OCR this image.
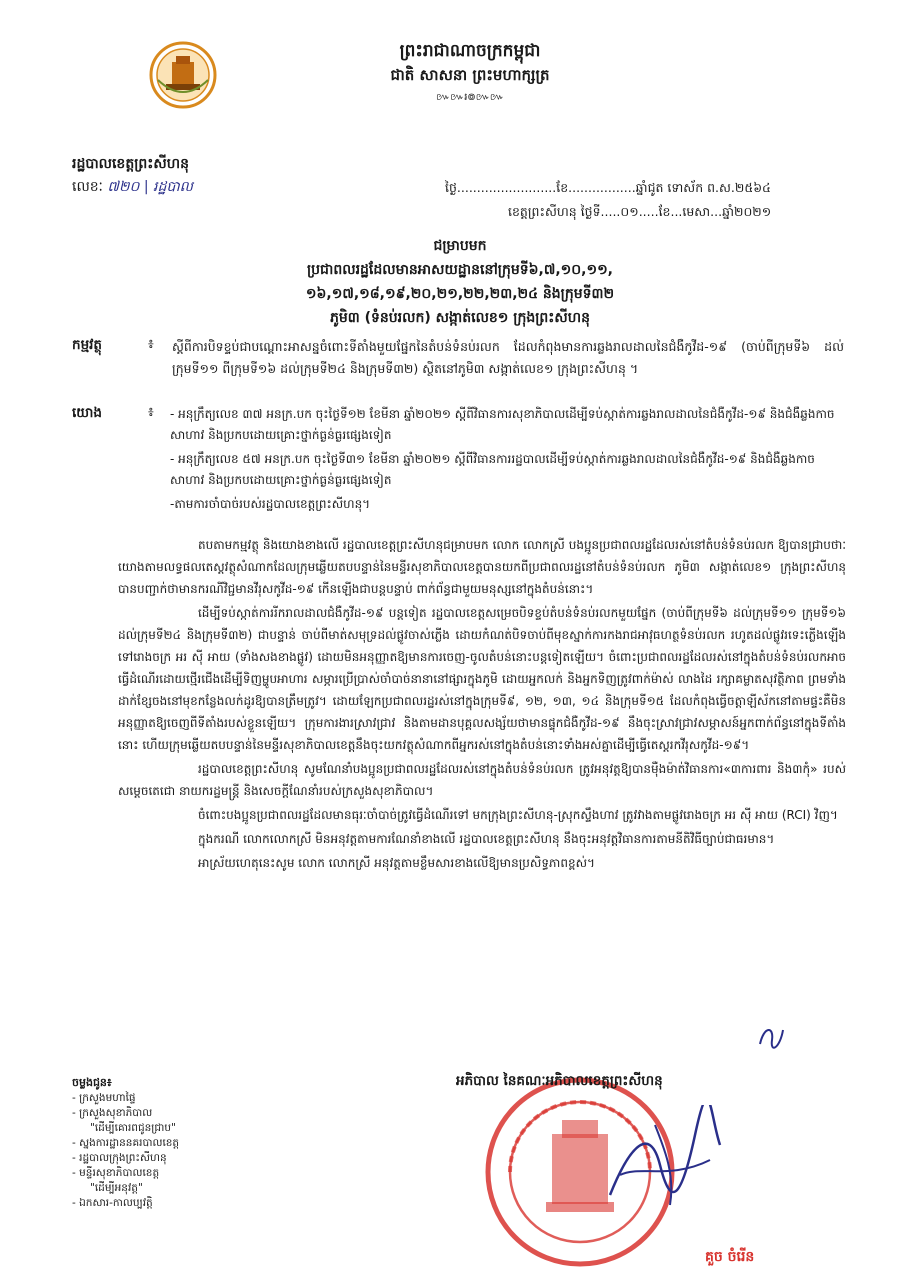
ព្រះរាជាណាចក្រកម្ពុជា
ជាតិ សាសនា ព្រះមហាក្សត្រ
៚៚៛៙៚៚
រដ្ឋបាលខេត្តព្រះសីហនុ
លេខៈ ៧២០ | រដ្ឋបាល	ថ្ងៃ.........................ខែ.................ឆ្នាំជូត ទោស័ក ព.ស.២៥៦៤
ខេត្តព្រះសីហនុ ថ្ងៃទី.....០១.....ខែ...មេសា...ឆ្នាំ២០២១
ជម្រាបមក
ប្រជាពលរដ្ឋដែលមានអាសយដ្ឋាននៅក្រុមទី៦,៧,១០,១១,
១៦,១៧,១៨,១៩,២០,២១,២២,២៣,២៤ និងក្រុមទី៣២
ភូមិ៣ (ទំនប់រលក) សង្កាត់លេខ១ ក្រុងព្រះសីហនុ
កម្មវត្ថុ	៖	ស្តីពីការបិទខ្ទប់ជាបណ្តោះអាសន្នចំពោះទីតាំងមួយផ្នែកនៃតំបន់ទំនប់រលក ដែលកំពុងមានការឆ្លងរាលដាលនៃជំងឺកូវីដ-១៩ (ចាប់ពីក្រុមទី៦ ដល់ក្រុមទី១១ ពីក្រុមទី១៦ ដល់ក្រុមទី២៤ និងក្រុមទី៣២) ស្ថិតនៅភូមិ៣ សង្កាត់លេខ១ ក្រុងព្រះសីហនុ ។
យោង	៖	- អនុក្រឹត្យលេខ ៣៧ អនក្រ.បក ចុះថ្ងៃទី១២ ខែមីនា ឆ្នាំ២០២១ ស្តីពីវិធានការសុខាភិបាលដើម្បីទប់ស្កាត់ការឆ្លងរាលដាលនៃជំងឺកូវីដ-១៩ និងជំងឺឆ្លងកាចសាហាវ និងប្រកបដោយគ្រោះថ្នាក់ធ្ងន់ធ្ងរផ្សេងទៀត
- អនុក្រឹត្យលេខ ៥៧ អនក្រ.បក ចុះថ្ងៃទី៣១ ខែមីនា ឆ្នាំ២០២១ ស្តីពីវិធានការរដ្ឋបាលដើម្បីទប់ស្កាត់ការឆ្លងរាលដាលនៃជំងឺកូវីដ-១៩ និងជំងឺឆ្លងកាចសាហាវ និងប្រកបដោយគ្រោះថ្នាក់ធ្ងន់ធ្ងរផ្សេងទៀត
-តាមការចាំបាច់របស់រដ្ឋបាលខេត្តព្រះសីហនុ។

តបតាមកម្មវត្ថុ និងយោងខាងលើ រដ្ឋបាលខេត្តព្រះសីហនុជម្រាបមក លោក លោកស្រី បងប្អូនប្រជាពលរដ្ឋដែលរស់នៅតំបន់ទំនប់រលក ឱ្យបានជ្រាបថាៈ យោងតាមលទ្ធផលតេស្តវត្ថុសំណាកដែលក្រុមឆ្លើយតបបន្ទាន់នៃមន្ទីរសុខាភិបាលខេត្តបានយកពីប្រជាពលរដ្ឋនៅតំបន់ទំនប់រលក ភូមិ៣ សង្កាត់លេខ១ ក្រុងព្រះសីហនុ បានបញ្ជាក់ថាមានករណីវិជ្ជមានវីរុសកូវីដ-១៩ កើនឡើងជាបន្តបន្ទាប់ ពាក់ព័ន្ធជាមួយមនុស្សនៅក្នុងតំបន់នោះ។

ដើម្បីទប់ស្កាត់ការរីករាលដាលជំងឺកូវីដ-១៩ បន្តទៀត រដ្ឋបាលខេត្តសម្រេចបិទខ្ទប់តំបន់ទំនប់រលកមួយផ្នែក (ចាប់ពីក្រុមទី៦ ដល់ក្រុមទី១១ ក្រុមទី១៦ ដល់ក្រុមទី២៤ និងក្រុមទី៣២) ជាបន្ទាន់ ចាប់ពីមាត់សមុទ្រដល់ផ្លូវចាស់ភ្លើង ដោយកំណត់បិទចាប់ពីមុខស្នាក់ការកងរាជអាវុធហត្ថទំនប់រលក រហូតដល់ផ្លូវរទេះភ្លើងឡើងទៅរោងចក្រ អរ ស៊ី អាយ (ទាំងសងខាងផ្លូវ) ដោយមិនអនុញ្ញាតឱ្យមានការចេញ-ចូលតំបន់នោះបន្តទៀតឡើយ។ ចំពោះប្រជាពលរដ្ឋដែលរស់នៅក្នុងតំបន់ទំនប់រលកអាចធ្វើដំណើរដោយថ្មើរជើងដើម្បីទិញម្ហូបអាហារ សម្ភារប្រើប្រាស់ចាំបាច់នានានៅផ្សារក្នុងភូមិ ដោយអ្នកលក់ និងអ្នកទិញត្រូវពាក់ម៉ាស់ លាងដៃ រក្សាគម្លាតសុវត្ថិភាព ព្រមទាំងដាក់ខ្សែចងនៅមុខកន្លែងលក់ដូរឱ្យបានត្រឹមត្រូវ។ ដោយឡែកប្រជាពលរដ្ឋរស់នៅក្នុងក្រុមទី៩, ១២, ១៣, ១៤ និងក្រុមទី១៥ ដែលកំពុងធ្វើចត្តាឡីស័កនៅតាមផ្ទះគឺមិនអនុញ្ញាតឱ្យចេញពីទីតាំងរបស់ខ្លួនឡើយ។ ក្រុមការងារស្រាវជ្រាវ និងតាមដានបុគ្គលសង្ស័យថាមានផ្ទុកជំងឺកូវីដ-១៩ នឹងចុះស្រាវជ្រាវសម្ភាសន៍អ្នកពាក់ព័ន្ធនៅក្នុងទីតាំងនោះ ហើយក្រុមឆ្លើយតបបន្ទាន់នៃមន្ទីរសុខាភិបាលខេត្តនឹងចុះយកវត្ថុសំណាកពីអ្នករស់នៅក្នុងតំបន់នោះទាំងអស់គ្នាដើម្បីធ្វើតេស្តរកវីរុសកូវីដ-១៩។

រដ្ឋបាលខេត្តព្រះសីហនុ សូមណែនាំបងប្អូនប្រជាពលរដ្ឋដែលរស់នៅក្នុងតំបន់ទំនប់រលក ត្រូវអនុវត្តឱ្យបានម៉ឺងម៉ាត់វិធានការ«៣ការពារ និង៣កុំ» របស់សម្តេចតេជោ នាយករដ្ឋមន្ត្រី និងសេចក្តីណែនាំរបស់ក្រសួងសុខាភិបាល។

ចំពោះបងប្អូនប្រជាពលរដ្ឋដែលមានធុរៈចាំបាច់ត្រូវធ្វើដំណើរទៅ មកក្រុងព្រះសីហនុ-ស្រុកស្ទឹងហាវ ត្រូវវាងតាមផ្លូវរោងចក្រ អរ ស៊ី អាយ (RCI) វិញ។

ក្នុងករណី លោកលោកស្រី មិនអនុវត្តតាមការណែនាំខាងលើ រដ្ឋបាលខេត្តព្រះសីហនុ នឹងចុះអនុវត្តវិធានការតាមនីតិវិធីច្បាប់ជាធរមាន។

អាស្រ័យហេតុនេះសូម លោក លោកស្រី អនុវត្តតាមខ្លឹមសារខាងលើឱ្យមានប្រសិទ្ធភាពខ្ពស់។

ចម្លងជូន៖
- ក្រសួងមហាផ្ទៃ
- ក្រសួងសុខាភិបាល
"ដើម្បីគោរពជូនជ្រាប"
- ស្នងការដ្ឋាននគរបាលខេត្ត
- រដ្ឋបាលក្រុងព្រះសីហនុ
- មន្ទីរសុខាភិបាលខេត្ត
"ដើម្បីអនុវត្ត"
- ឯកសារ-កាលប្បវត្តិ
អភិបាល នៃគណៈអភិបាលខេត្តព្រះសីហនុ
គួច ចំរើន
